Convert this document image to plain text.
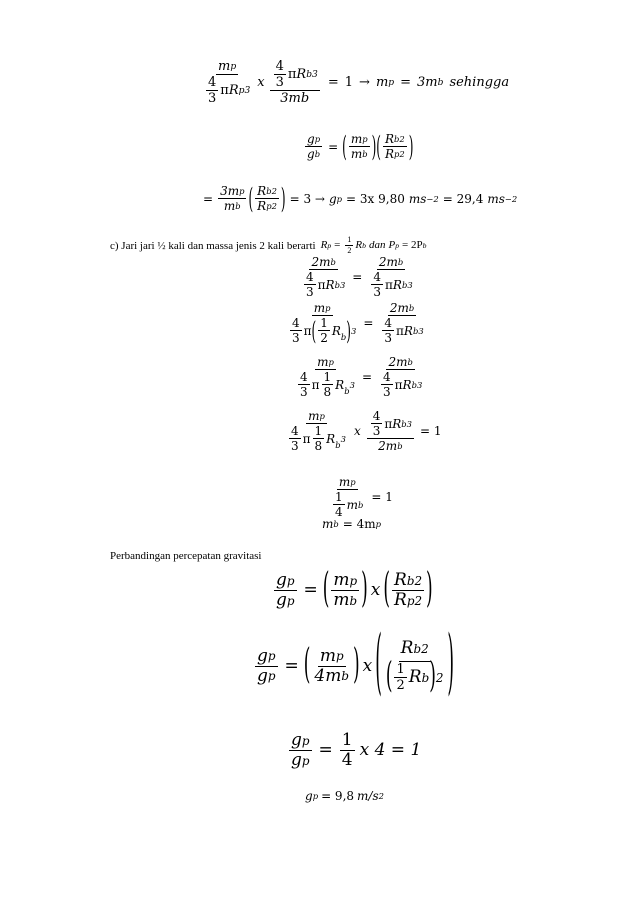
$\frac{\text{m p}}{\frac{4}{3} \pi R p 3}$ x $\frac{\frac{4}{3} \pi R b 3}{3mb} = 1 \to m$ p = 3m b sehingga
$\frac{\text{g p}}{\text{g b}}$ = ( $\frac{\text{m p}}{\text{m b}}$ ) ( $\frac{\text{R b 2}}{\text{R p 2}}$ )
= $\frac{\text{3m p}}{\text{m b}}$ ( $\frac{\text{R b 2}}{\text{R p 2}}$ ) = 3 → g p = 3x 9,80 ms −2 = 29,4 ms −2
c) Jari jari ½ kali dan massa jenis 2 kali berarti R $p = \frac{1}{2}$ R b dan P p = 2P b
$\frac{\text{2m b}}{\frac{4}{3} \pi R b 3} = \frac{\text{2m b}}{\frac{4}{3} \pi R b 3}$
m p
$\frac{4}{3}$ π ( $\frac{1}{2} R_b$ ) 3
= $\frac{\text{2m b}}{\frac{4}{3} \pi R b 3}$
m p
$\frac{4}{3}$ π $\frac{1}{8} R_b$
$3 = \frac{\text{2m b}}{\frac{4}{3} \pi R b 3}$
m p
$\frac{4}{3}$ π $\frac{1}{8} R_b$
3 x $\frac{\frac{4}{3} \pi R b 3}{\text{2m b}} = 1$
$\frac{\text{m p}}{\frac{1}{4} m b} = 1$
m b = 4m p
Perbandingan percepatan gravitasi
$\frac{\text{g p}}{\text{g p}}$ = ( $\frac{\text{m p}}{\text{m b}}$ ) x ( $\frac{\text{R b 2}}{\text{R p 2}}$ )
$\frac{\text{g p}}{\text{g p}}$ = ( $\frac{\text{m p}}{\text{4m b}}$ ) x ( $\frac{\text{R b 2}}{( \frac{1}{2} R b ) 2}$ )
$\frac{\text{g p}}{\text{g p}} = \frac{1}{4}$ x 4 = 1
g p = 9,8 m/s 2
